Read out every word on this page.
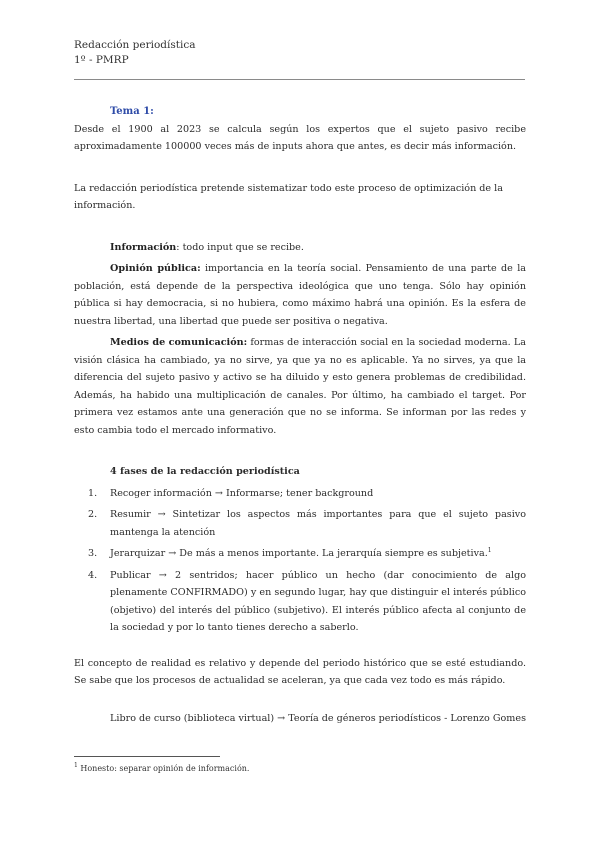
Redacción periodística
1º - PMRP

Tema 1:

Desde el 1900 al 2023 se calcula según los expertos que el sujeto pasivo recibe aproximadamente 100000 veces más de inputs ahora que antes, es decir más información.

La redacción periodística pretende sistematizar todo este proceso de optimización de la información.

Información: todo input que se recibe.

Opinión pública: importancia en la teoría social. Pensamiento de una parte de la población, está depende de la perspectiva ideológica que uno tenga. Sólo hay opinión pública si hay democracia, si no hubiera, como máximo habrá una opinión. Es la esfera de nuestra libertad, una libertad que puede ser positiva o negativa.

Medios de comunicación: formas de interacción social en la sociedad moderna. La visión clásica ha cambiado, ya no sirve, ya que ya no es aplicable. Ya no sirves, ya que la diferencia del sujeto pasivo y activo se ha diluido y esto genera problemas de credibilidad. Además, ha habido una multiplicación de canales. Por último, ha cambiado el target. Por primera vez estamos ante una generación que no se informa. Se informan por las redes y esto cambia todo el mercado informativo.

4 fases de la redacción periodística

1. Recoger información → Informarse; tener background
2. Resumir → Sintetizar los aspectos más importantes para que el sujeto pasivo mantenga la atención
3. Jerarquizar → De más a menos importante. La jerarquía siempre es subjetiva.$^1$
4. Publicar → 2 sentridos; hacer público un hecho (dar conocimiento de algo plenamente CONFIRMADO) y en segundo lugar, hay que distinguir el interés público (objetivo) del interés del público (subjetivo). El interés público afecta al conjunto de la sociedad y por lo tanto tienes derecho a saberlo.

El concepto de realidad es relativo y depende del periodo histórico que se esté estudiando. Se sabe que los procesos de actualidad se aceleran, ya que cada vez todo es más rápido.

Libro de curso (biblioteca virtual) → Teoría de géneros periodísticos - Lorenzo Gomes

$^1$ Honesto: separar opinión de información.
